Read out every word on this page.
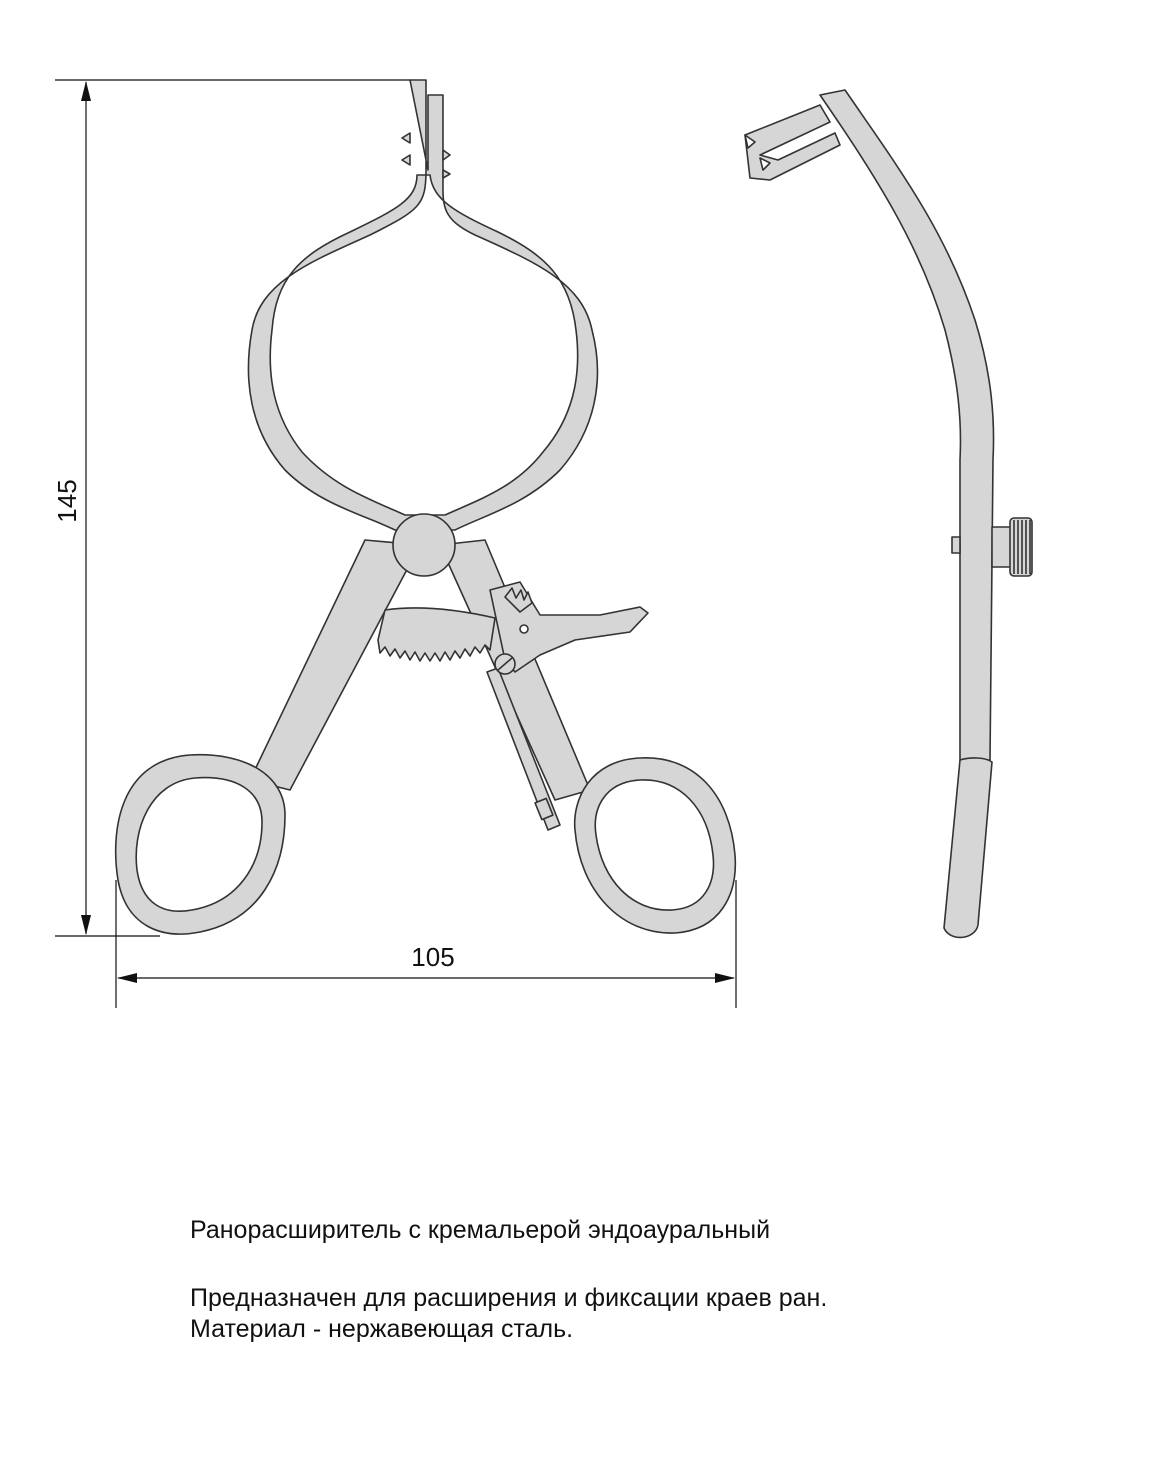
145
105
Ранорасширитель с кремальерой эндоауральный
Предназначен для расширения и фиксации краев ран.
Материал - нержавеющая сталь.
